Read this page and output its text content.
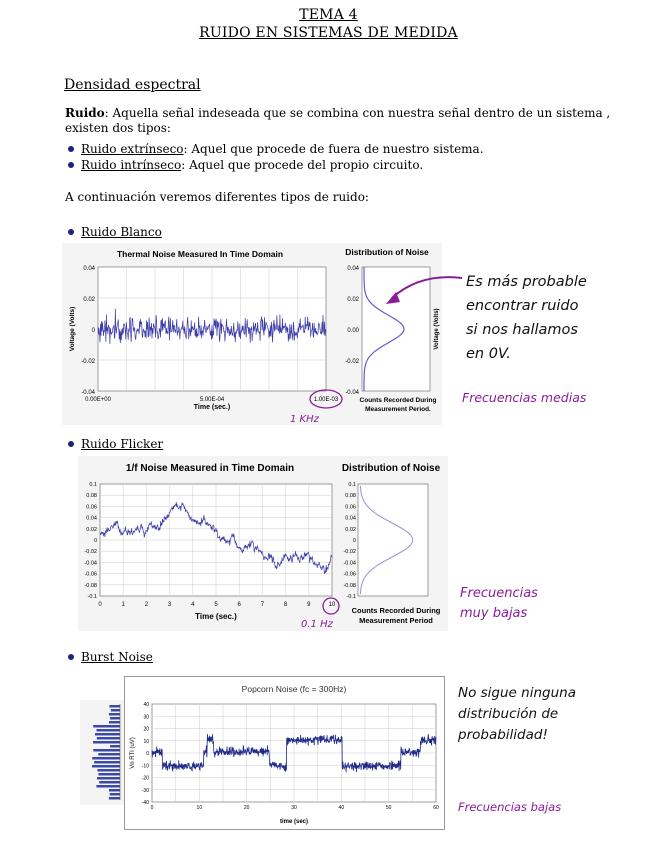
TEMA 4
RUIDO EN SISTEMAS DE MEDIDA
Densidad espectral
Ruido: Aquella señal indeseada que se combina con nuestra señal dentro de un sistema ,
existen dos tipos:
Ruido extrínseco: Aquel que procede de fuera de nuestro sistema.
Ruido intrínseco: Aquel que procede del propio circuito.
A continuación veremos diferentes tipos de ruido:
Ruido Blanco
Thermal Noise Measured In Time Domain
Voltage (Volts)
0.04
0.02
0
-0.02
-0.04
0.00E+00	5.00E-04	1.00E-03
Time (sec.)
Distribution of Noise
0.04
0.02
0.00
-0.02
-0.04
Voltage (Volts)
Counts Recorded During
Measurement Period.
1 KHz
Es más probable
encontrar ruido
si nos hallamos
en 0V.
Frecuencias medias
Ruido Flicker
1/f Noise Measured in Time Domain
0.1
0.08
0.06
0.04
0.02
0
-0.02
-0.04
-0.06
-0.08
-0.1
0	1	2	3	4	5	6	7	8	9	10
Time (sec.)
Distribution of Noise
0.1
0.08
0.06
0.04
0.02
0
-0.02
-0.04
-0.06
-0.08
-0.1
Counts Recorded During
Measurement Period
0.1 Hz
Frecuencias
muy bajas
Burst Noise
Popcorn Noise (fc = 300Hz)
40
30
20
10
0
-10
-20
-30
-40
0	10	20	30	40	50	60
Vn RTI (uV)
time (sec)
No sigue ninguna
distribución de
probabilidad!
Frecuencias bajas
